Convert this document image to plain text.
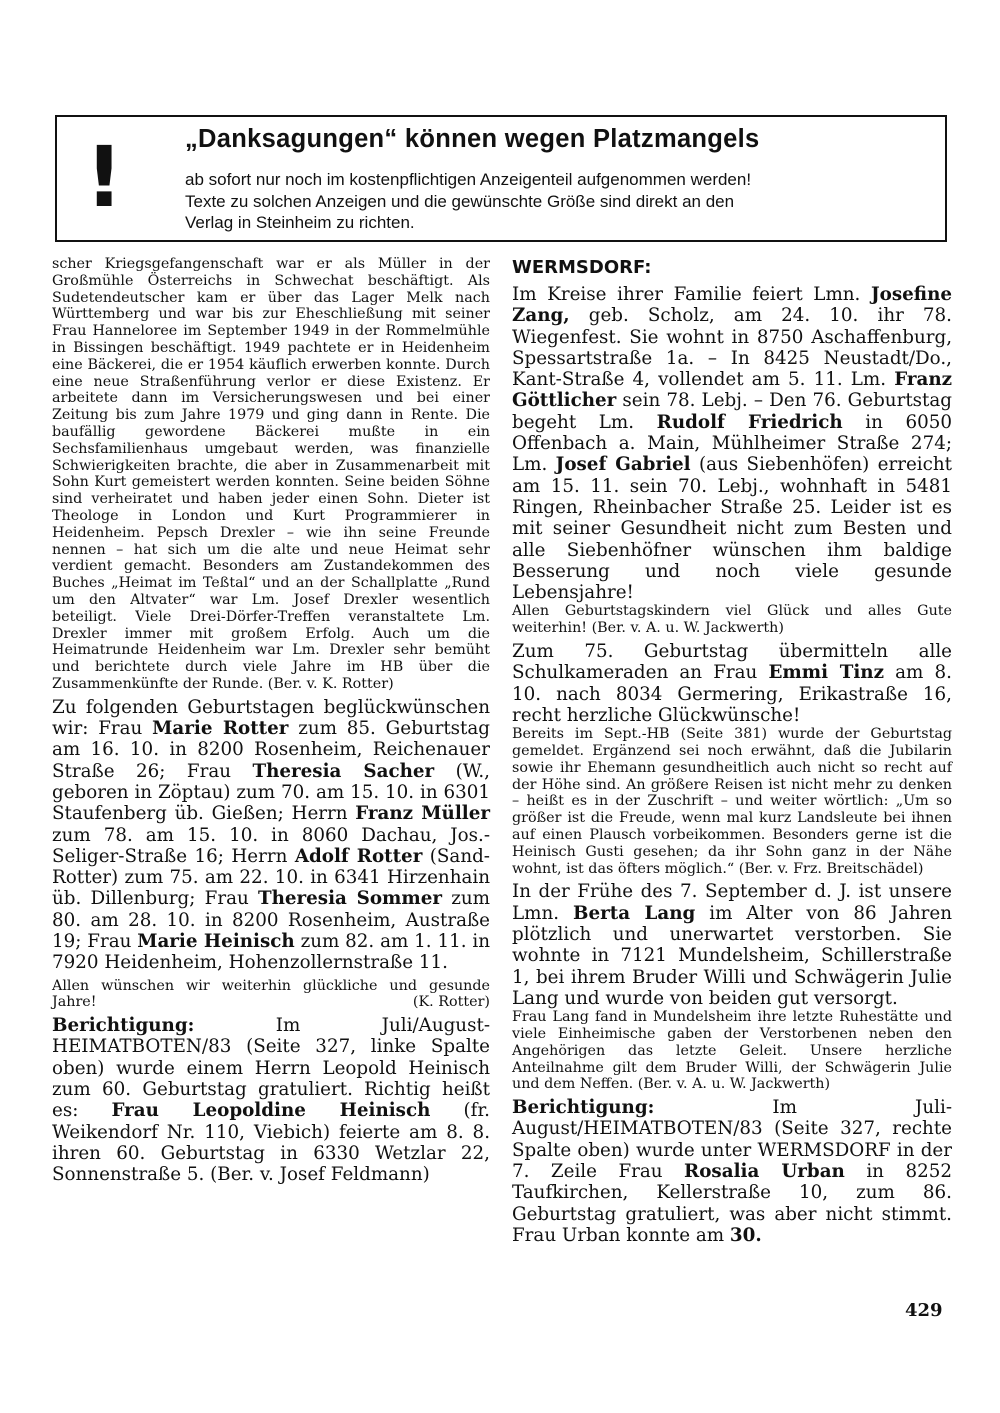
! „Danksagungen“ können wegen Platzmangels
ab sofort nur noch im kostenpflichtigen Anzeigenteil aufgenommen werden!
Texte zu solchen Anzeigen und die gewünschte Größe sind direkt an den
Verlag in Steinheim zu richten.

scher Kriegsgefangenschaft war er als Müller in der Großmühle Österreichs in Schwechat beschäftigt. Als Sudetendeutscher kam er über das Lager Melk nach Württemberg und war bis zur Eheschließung mit seiner Frau Hanneloree im September 1949 in der Rommelmühle in Bissingen beschäftigt. 1949 pachtete er in Heidenheim eine Bäckerei, die er 1954 käuflich erwerben konnte. Durch eine neue Straßenführung verlor er diese Existenz. Er arbeitete dann im Versicherungswesen und bei einer Zeitung bis zum Jahre 1979 und ging dann in Rente. Die baufällig gewordene Bäckerei mußte in ein Sechsfamilienhaus umgebaut werden, was finanzielle Schwierigkeiten brachte, die aber in Zusammenarbeit mit Sohn Kurt gemeistert werden konnten. Seine beiden Söhne sind verheiratet und haben jeder einen Sohn. Dieter ist Theologe in London und Kurt Programmierer in Heidenheim. Pepsch Drexler – wie ihn seine Freunde nennen – hat sich um die alte und neue Heimat sehr verdient gemacht. Besonders am Zustandekommen des Buches „Heimat im Teßtal“ und an der Schallplatte „Rund um den Altvater“ war Lm. Josef Drexler wesentlich beteiligt. Viele Drei-Dörfer-Treffen veranstaltete Lm. Drexler immer mit großem Erfolg. Auch um die Heimatrunde Heidenheim war Lm. Drexler sehr bemüht und berichtete durch viele Jahre im HB über die Zusammenkünfte der Runde. (Ber. v. K. Rotter)

Zu folgenden Geburtstagen beglückwünschen wir: Frau Marie Rotter zum 85. Geburtstag am 16. 10. in 8200 Rosenheim, Reichenauer Straße 26; Frau Theresia Sacher (W., geboren in Zöptau) zum 70. am 15. 10. in 6301 Staufenberg üb. Gießen; Herrn Franz Müller zum 78. am 15. 10. in 8060 Dachau, Jos.-Seliger-Straße 16; Herrn Adolf Rotter (Sand-Rotter) zum 75. am 22. 10. in 6341 Hirzenhain üb. Dillenburg; Frau Theresia Sommer zum 80. am 28. 10. in 8200 Rosenheim, Austraße 19; Frau Marie Heinisch zum 82. am 1. 11. in 7920 Heidenheim, Hohenzollernstraße 11.

Allen wünschen wir weiterhin glückliche und gesunde Jahre!	(K. Rotter)

Berichtigung: Im Juli/August-HEIMATBOTEN/83 (Seite 327, linke Spalte oben) wurde einem Herrn Leopold Heinisch zum 60. Geburtstag gratuliert. Richtig heißt es: Frau Leopoldine Heinisch (fr. Weikendorf Nr. 110, Viebich) feierte am 8. 8. ihren 60. Geburtstag in 6330 Wetzlar 22, Sonnenstraße 5. (Ber. v. Josef Feldmann)

WERMSDORF:

Im Kreise ihrer Familie feiert Lmn. Josefine Zang, geb. Scholz, am 24. 10. ihr 78. Wiegenfest. Sie wohnt in 8750 Aschaffenburg, Spessartstraße 1a. – In 8425 Neustadt/Do., Kant-Straße 4, vollendet am 5. 11. Lm. Franz Göttlicher sein 78. Lebj. – Den 76. Geburtstag begeht Lm. Rudolf Friedrich in 6050 Offenbach a. Main, Mühlheimer Straße 274; Lm. Josef Gabriel (aus Siebenhöfen) erreicht am 15. 11. sein 70. Lebj., wohnhaft in 5481 Ringen, Rheinbacher Straße 25. Leider ist es mit seiner Gesundheit nicht zum Besten und alle Siebenhöfner wünschen ihm baldige Besserung und noch viele gesunde Lebensjahre!

Allen Geburtstagskindern viel Glück und alles Gute weiterhin! (Ber. v. A. u. W. Jackwerth)

Zum 75. Geburtstag übermitteln alle Schulkameraden an Frau Emmi Tinz am 8. 10. nach 8034 Germering, Erikastraße 16, recht herzliche Glückwünsche!

Bereits im Sept.-HB (Seite 381) wurde der Geburtstag gemeldet. Ergänzend sei noch erwähnt, daß die Jubilarin sowie ihr Ehemann gesundheitlich auch nicht so recht auf der Höhe sind. An größere Reisen ist nicht mehr zu denken – heißt es in der Zuschrift – und weiter wörtlich: „Um so größer ist die Freude, wenn mal kurz Landsleute bei ihnen auf einen Plausch vorbeikommen. Besonders gerne ist die Heinisch Gusti gesehen; da ihr Sohn ganz in der Nähe wohnt, ist das öfters möglich.“ (Ber. v. Frz. Breitschädel)

In der Frühe des 7. September d. J. ist unsere Lmn. Berta Lang im Alter von 86 Jahren plötzlich und unerwartet verstorben. Sie wohnte in 7121 Mundelsheim, Schillerstraße 1, bei ihrem Bruder Willi und Schwägerin Julie Lang und wurde von beiden gut versorgt.

Frau Lang fand in Mundelsheim ihre letzte Ruhestätte und viele Einheimische gaben der Verstorbenen neben den Angehörigen das letzte Geleit. Unsere herzliche Anteilnahme gilt dem Bruder Willi, der Schwägerin Julie und dem Neffen. (Ber. v. A. u. W. Jackwerth)

Berichtigung: Im Juli-August/HEIMATBOTEN/83 (Seite 327, rechte Spalte oben) wurde unter WERMSDORF in der 7. Zeile Frau Rosalia Urban in 8252 Taufkirchen, Kellerstraße 10, zum 86. Geburtstag gratuliert, was aber nicht stimmt. Frau Urban konnte am 30.

429
